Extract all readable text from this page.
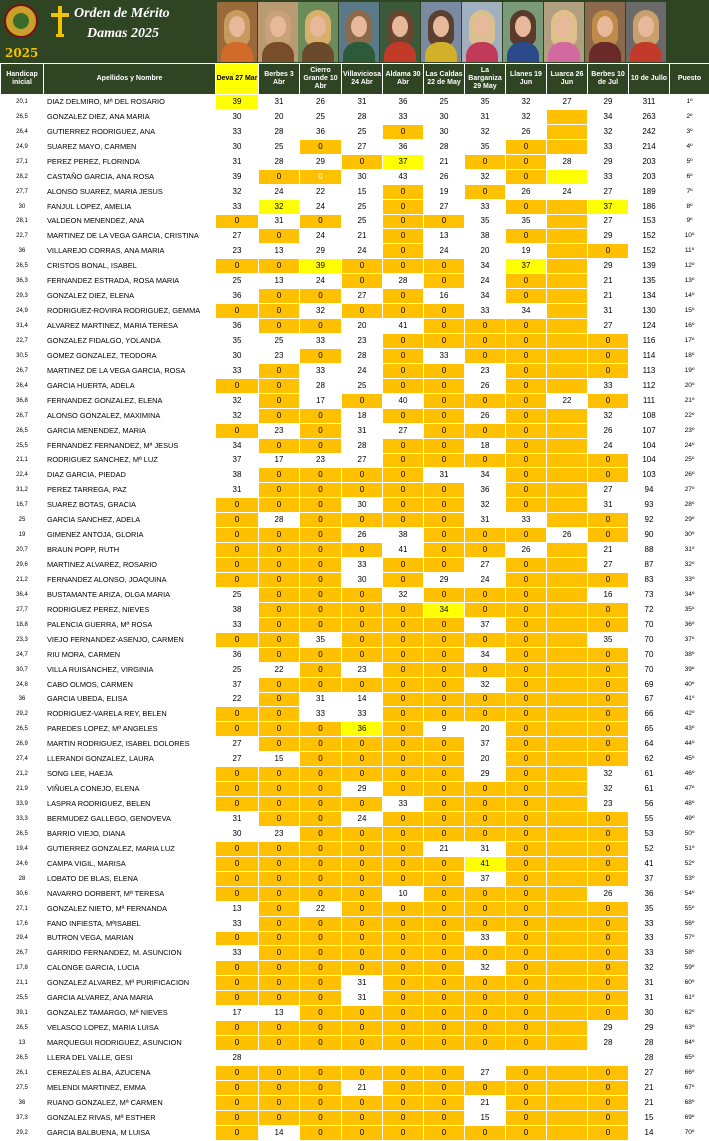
2025
Orden de Mérito
Damas 2025
Handicap inicial	Apellidos y Nombre	Deva 27 Mar	Berbes 3 Abr	Cierro Grande 10 Abr	Villaviciosa 24 Abr	Aldama 30 Abr	Las Caldas 22 de May	La Barganiza 29 May	Llanes 19 Jun	Luarca 26 Jun	Berbes 10 de Jul	10 de Jullo	Puesto
20,1	DIAZ DELMIRO, Mª DEL ROSARIO	39	31	26	31	36	25	35	32	27	29	311	1º
26,5	GONZALEZ DIEZ, ANA MARIA	30	20	25	28	33	30	31	32		34	263	2º
26,4	GUTIERREZ RODRIGUEZ, ANA	33	28	36	25	0	30	32	26		32	242	3º
24,9	SUAREZ MAYO, CARMEN	30	25	0	27	36	28	35	0		33	214	4º
27,1	PEREZ PEREZ, FLORINDA	31	28	29	0	37	21	0	0	28	29	203	5º
28,2	CASTAÑO GARCIA, ANA ROSA	39	0	0	30	43	26	32	0		33	203	6º
27,7	ALONSO SUAREZ, MARIA JESUS	32	24	22	15	0	19	0	26	24	27	189	7º
30	FANJUL LOPEZ, AMELIA	33	32	24	25	0	27	33	0		37	186	8º
28,1	VALDEON MENENDEZ, ANA	0	31	0	25	0	0	35	35		27	153	9º
22,7	MARTINEZ DE LA VEGA GARCIA, CRISTINA	27	0	24	21	0	13	38	0		29	152	10º
36	VILLAREJO CORRAS, ANA MARIA	23	13	29	24	0	24	20	19		0	152	11º
26,5	CRISTOS BONAL, ISABEL	0	0	39	0	0	0	34	37		29	139	12º
36,3	FERNANDEZ ESTRADA, ROSA MARIA	25	13	24	0	28	0	24	0		21	135	13º
29,3	GONZALEZ DIEZ, ELENA	36	0	0	27	0	16	34	0		21	134	14º
24,9	RODRIGUEZ-ROVIRA RODRIGUEZ, GEMMA	0	0	32	0	0	0	33	34		31	130	15º
31,4	ALVAREZ MARTINEZ, MARIA TERESA	36	0	0	20	41	0	0	0		27	124	16º
22,7	GONZALEZ FIDALGO, YOLANDA	35	25	33	23	0	0	0	0		0	116	17º
30,5	GOMEZ GONZALEZ, TEODORA	30	23	0	28	0	33	0	0		0	114	18º
26,7	MARTINEZ DE LA VEGA GARCIA, ROSA	33	0	33	24	0	0	23	0		0	113	19º
26,4	GARCIA HUERTA, ADELA	0	0	28	25	0	0	26	0		33	112	20º
36,8	FERNANDEZ GONZALEZ, ELENA	32	0	17	0	40	0	0	0	22	0	111	21º
26,7	ALONSO GONZALEZ, MAXIMINA	32	0	0	18	0	0	26	0		32	108	22º
26,5	GARCIA MENENDEZ, MARIA	0	23	0	31	27	0	0	0		26	107	23º
25,5	FERNANDEZ FERNANDEZ, Mª JESUS	34	0	0	28	0	0	18	0		24	104	24º
21,1	RODRIGUEZ SANCHEZ, Mª LUZ	37	17	23	27	0	0	0	0		0	104	25º
22,4	DIAZ GARCIA, PIEDAD	38	0	0	0	0	31	34	0		0	103	26º
31,2	PEREZ TARREGA, PAZ	31	0	0	0	0	0	36	0		27	94	27º
16,7	SUAREZ BOTAS, GRACIA	0	0	0	30	0	0	32	0		31	93	28º
25	GARCIA SANCHEZ, ADELA	0	28	0	0	0	0	31	33		0	92	29º
19	GIMENEZ ANTOJA, GLORIA	0	0	0	26	38	0	0	0	26	0	90	30º
20,7	BRAUN POPP, RUTH	0	0	0	0	41	0	0	26		21	88	31º
29,6	MARTINEZ ALVAREZ, ROSARIO	0	0	0	33	0	0	27	0		27	87	32º
21,2	FERNANDEZ ALONSO, JOAQUINA	0	0	0	30	0	29	24	0		0	83	33º
36,4	BUSTAMANTE ARIZA, OLGA MARIA	25	0	0	0	32	0	0	0		16	73	34º
27,7	RODRIGUEZ PEREZ, NIEVES	38	0	0	0	0	34	0	0		0	72	35º
18,8	PALENCIA GUERRA, Mª ROSA	33	0	0	0	0	0	37	0		0	70	36º
23,3	VIEJO FERNANDEZ-ASENJO, CARMEN	0	0	35	0	0	0	0	0		35	70	37º
24,7	RIU MORA, CARMEN	36	0	0	0	0	0	34	0		0	70	38º
30,7	VILLA RUISANCHEZ, VIRGINIA	25	22	0	23	0	0	0	0		0	70	39º
24,8	CABO OLMOS, CARMEN	37	0	0	0	0	0	32	0		0	69	40º
36	GARCIA UBEDA, ELISA	22	0	31	14	0	0	0	0		0	67	41º
29,2	RODRIGUEZ-VARELA REY, BELEN	0	0	33	33	0	0	0	0		0	66	42º
26,5	PAREDES LOPEZ, Mª ANGELES	0	0	0	36	0	9	20	0		0	65	43º
26,9	MARTIN RODRIGUEZ, ISABEL DOLORES	27	0	0	0	0	0	37	0		0	64	44º
27,4	LLERANDI GONZALEZ, LAURA	27	15	0	0	0	0	20	0		0	62	45º
21,2	SONG LEE, HAEJA	0	0	0	0	0	0	29	0		32	61	46º
21,9	VIÑUELA CONEJO, ELENA	0	0	0	29	0	0	0	0		32	61	47º
33,9	LASPRA RODRIGUEZ, BELEN	0	0	0	0	33	0	0	0		23	56	48º
33,3	BERMUDEZ GALLEGO, GENOVEVA	31	0	0	24	0	0	0	0		0	55	49º
26,5	BARRIO VIEJO, DIANA	30	23	0	0	0	0	0	0		0	53	50º
19,4	GUTIERREZ GONZALEZ, MARIA LUZ	0	0	0	0	0	21	31	0		0	52	51º
24,6	CAMPA VIGIL, MARISA	0	0	0	0	0	0	41	0		0	41	52º
28	LOBATO DE BLAS, ELENA	0	0	0	0	0	0	37	0		0	37	53º
30,6	NAVARRO DORBERT, Mª TERESA	0	0	0	0	10	0	0	0		26	36	54º
27,1	GONZALEZ NIETO, Mª FERNANDA	13	0	22	0	0	0	0	0		0	35	55º
17,6	FANO INFIESTA, MªISABEL	33	0	0	0	0	0	0	0		0	33	56º
29,4	BUTRON VEGA, MARIAN	0	0	0	0	0	0	33	0		0	33	57º
26,7	GARRIDO FERNANDEZ, M. ASUNCION	33	0	0	0	0	0	0	0		0	33	58º
17,8	CALONGE GARCIA, LUCIA	0	0	0	0	0	0	32	0		0	32	59º
21,1	GONZALEZ ALVAREZ, Mª PURIFICACION	0	0	0	31	0	0	0	0		0	31	60º
25,5	GARCIA ALVAREZ, ANA MARIA	0	0	0	31	0	0	0	0		0	31	61º
39,1	GONZALEZ TAMARGO, Mª NIEVES	17	13	0	0	0	0	0	0		0	30	62º
26,5	VELASCO LOPEZ, MARIA LUISA	0	0	0	0	0	0	0	0		29	29	63º
13	MARQUEGUI RODRIGUEZ, ASUNCION	0	0	0	0	0	0	0	0		28	28	64º
26,5	LLERA DEL VALLE, GESI	28										28	65º
26,1	CEREZALES ALBA, AZUCENA	0	0	0	0	0	0	27	0		0	27	66º
27,5	MELENDI MARTINEZ, EMMA	0	0	0	21	0	0	0	0		0	21	67º
36	RUANO GONZALEZ, Mª CARMEN	0	0	0	0	0	0	21	0		0	21	68º
37,3	GONZALEZ RIVAS, Mª ESTHER	0	0	0	0	0	0	15	0		0	15	69º
29,2	GARCIA BALBUENA, M LUISA	0	14	0	0	0	0	0	0		0	14	70º
